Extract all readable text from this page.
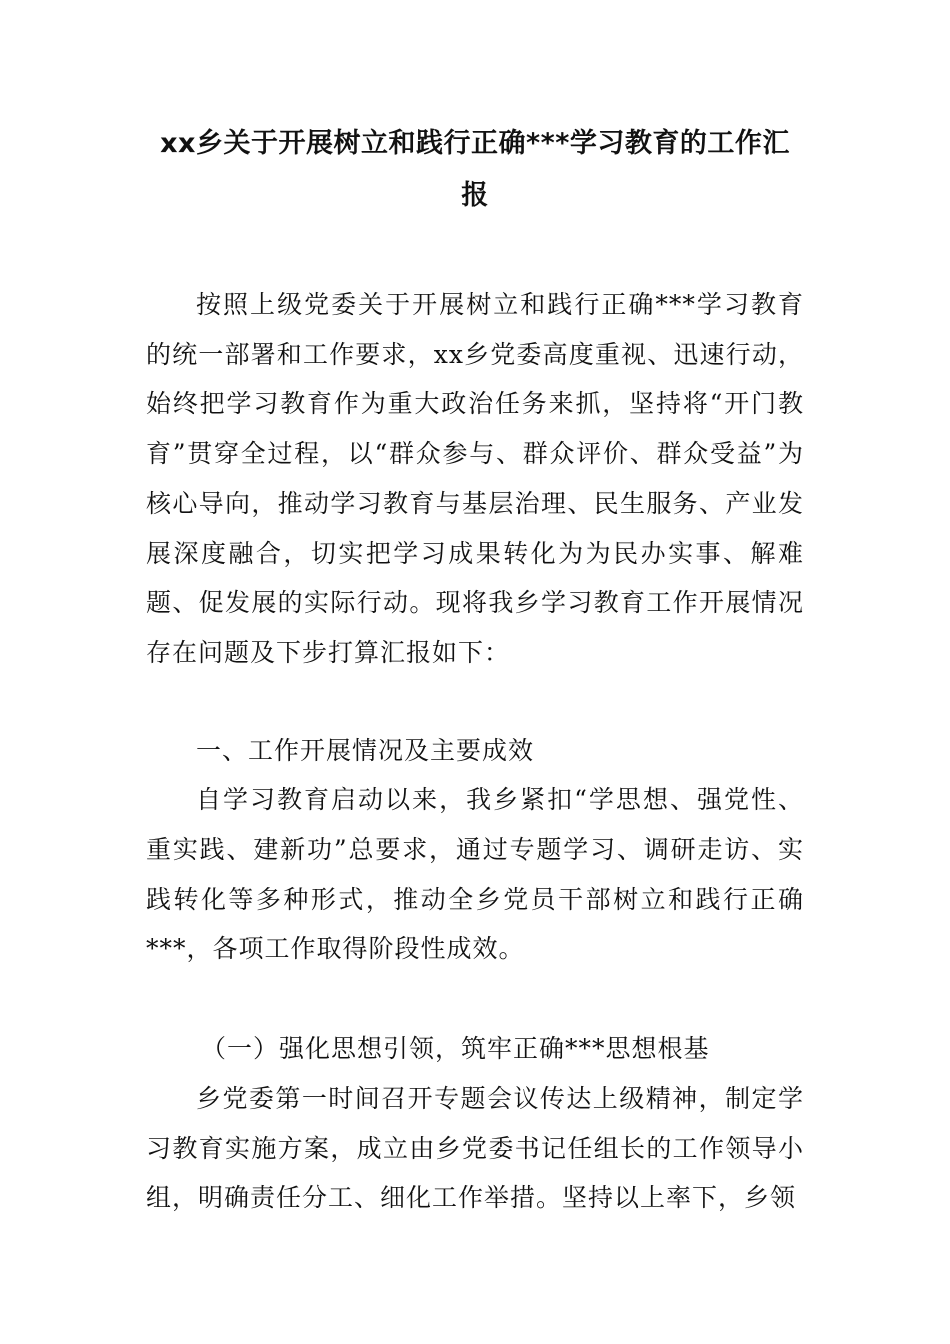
xx乡关于开展树立和践行正确***学习教育的工作汇
报

按照上级党委关于开展树立和践行正确***学习教育的统一部署和工作要求，xx乡党委高度重视、迅速行动，始终把学习教育作为重大政治任务来抓，坚持将“开门教育”贯穿全过程，以“群众参与、群众评价、群众受益”为核心导向，推动学习教育与基层治理、民生服务、产业发展深度融合，切实把学习成果转化为为民办实事、解难题、促发展的实际行动。现将我乡学习教育工作开展情况存在问题及下步打算汇报如下：

一、工作开展情况及主要成效

自学习教育启动以来，我乡紧扣“学思想、强党性、重实践、建新功”总要求，通过专题学习、调研走访、实践转化等多种形式，推动全乡党员干部树立和践行正确***，各项工作取得阶段性成效。

（一）强化思想引领，筑牢正确***思想根基

乡党委第一时间召开专题会议传达上级精神，制定学习教育实施方案，成立由乡党委书记任组长的工作领导小组，明确责任分工、细化工作举措。坚持以上率下，乡领
